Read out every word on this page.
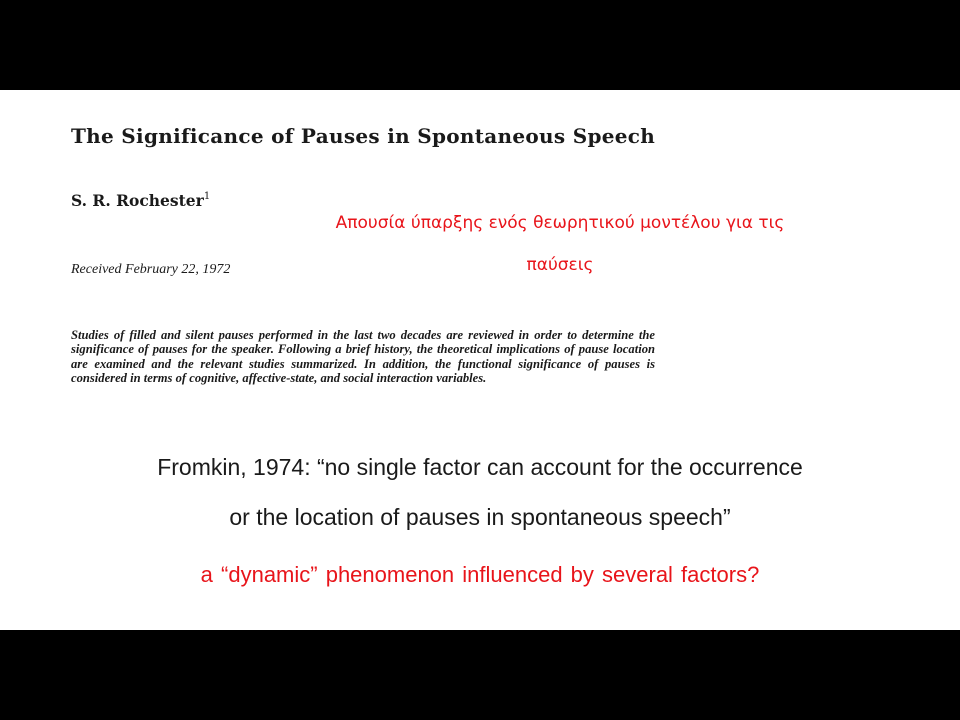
The Significance of Pauses in Spontaneous Speech
S. R. Rochester$^1$
Received February 22, 1972

Studies of filled and silent pauses performed in the last two decades are reviewed in order to determine the significance of pauses for the speaker. Following a brief history, the theoretical implications of pause location are examined and the relevant studies summarized. In addition, the functional significance of pauses is considered in terms of cognitive, affective-state, and social interaction variables.

Απουσία ύπαρξης ενός θεωρητικού μοντέλου για τις
παύσεις
Fromkin, 1974: “no single factor can account for the occurrence
or the location of pauses in spontaneous speech”
a “dynamic” phenomenon influenced by several factors?
